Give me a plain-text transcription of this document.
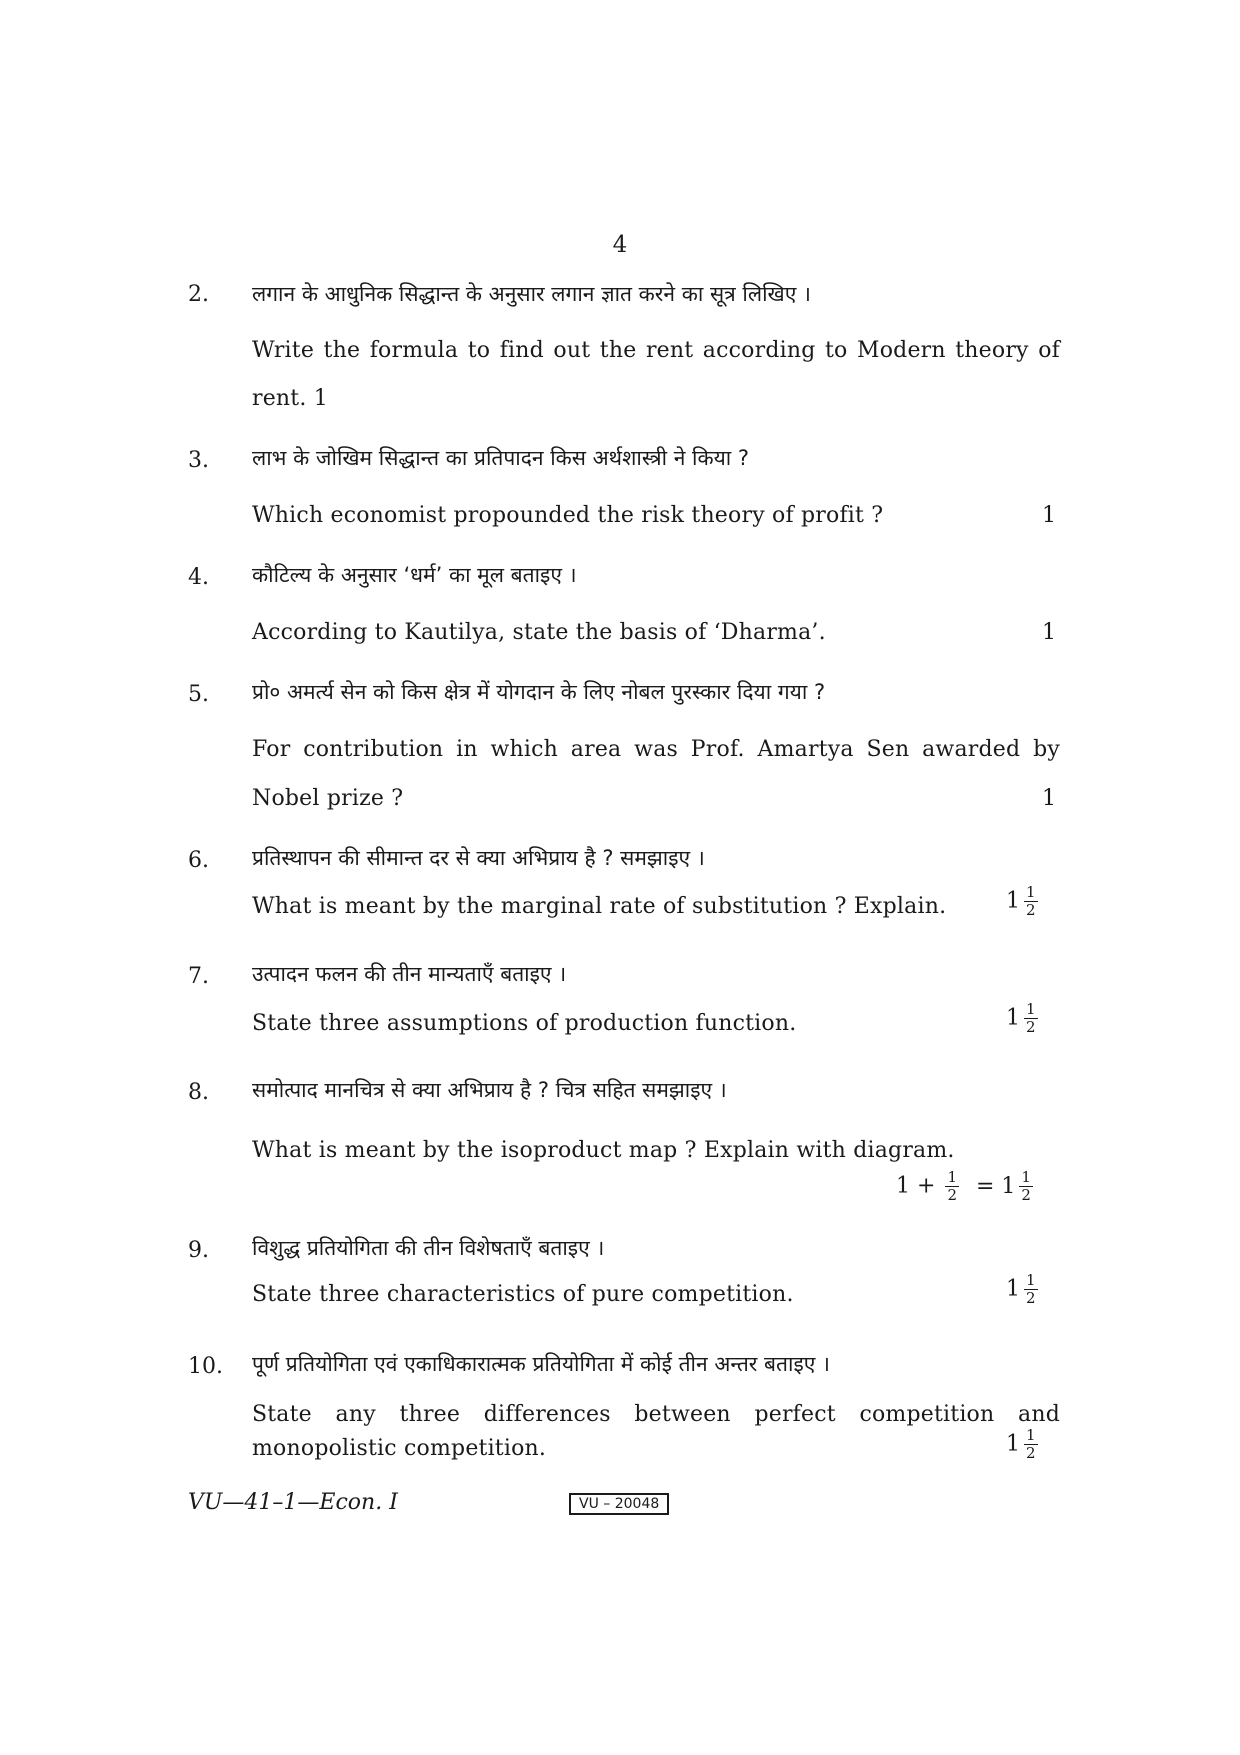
4
2. लगान के आधुनिक सिद्धान्त के अनुसार लगान ज्ञात करने का सूत्र लिखिए ।
Write the formula to find out the rent according to Modern theory of
rent. 1
3. लाभ के जोखिम सिद्धान्त का प्रतिपादन किस अर्थशास्त्री ने किया ?
Which economist propounded the risk theory of profit ?	1
4. कौटिल्य के अनुसार ‘धर्म’ का मूल बताइए ।
According to Kautilya, state the basis of ‘Dharma’.	1
5. प्रो० अमर्त्य सेन को किस क्षेत्र में योगदान के लिए नोबल पुरस्कार दिया गया ?
For contribution in which area was Prof. Amartya Sen awarded by
Nobel prize ?	1
6. प्रतिस्थापन की सीमान्त दर से क्या अभिप्राय है ? समझाइए ।
What is meant by the marginal rate of substitution ? Explain.	$1 \frac{1}{2}$
7. उत्पादन फलन की तीन मान्यताएँ बताइए ।
State three assumptions of production function.	$1 \frac{1}{2}$
8. समोत्पाद मानचित्र से क्या अभिप्राय है ? चित्र सहित समझाइए ।
What is meant by the isoproduct map ? Explain with diagram.
$1 + \frac{1}{2} = 1 \frac{1}{2}$
9. विशुद्ध प्रतियोगिता की तीन विशेषताएँ बताइए ।
State three characteristics of pure competition.	$1 \frac{1}{2}$
10. पूर्ण प्रतियोगिता एवं एकाधिकारात्मक प्रतियोगिता में कोई तीन अन्तर बताइए ।
State any three differences between perfect competition and
monopolistic competition.	$1 \frac{1}{2}$
VU—41–1—Econ. I	VU – 20048
